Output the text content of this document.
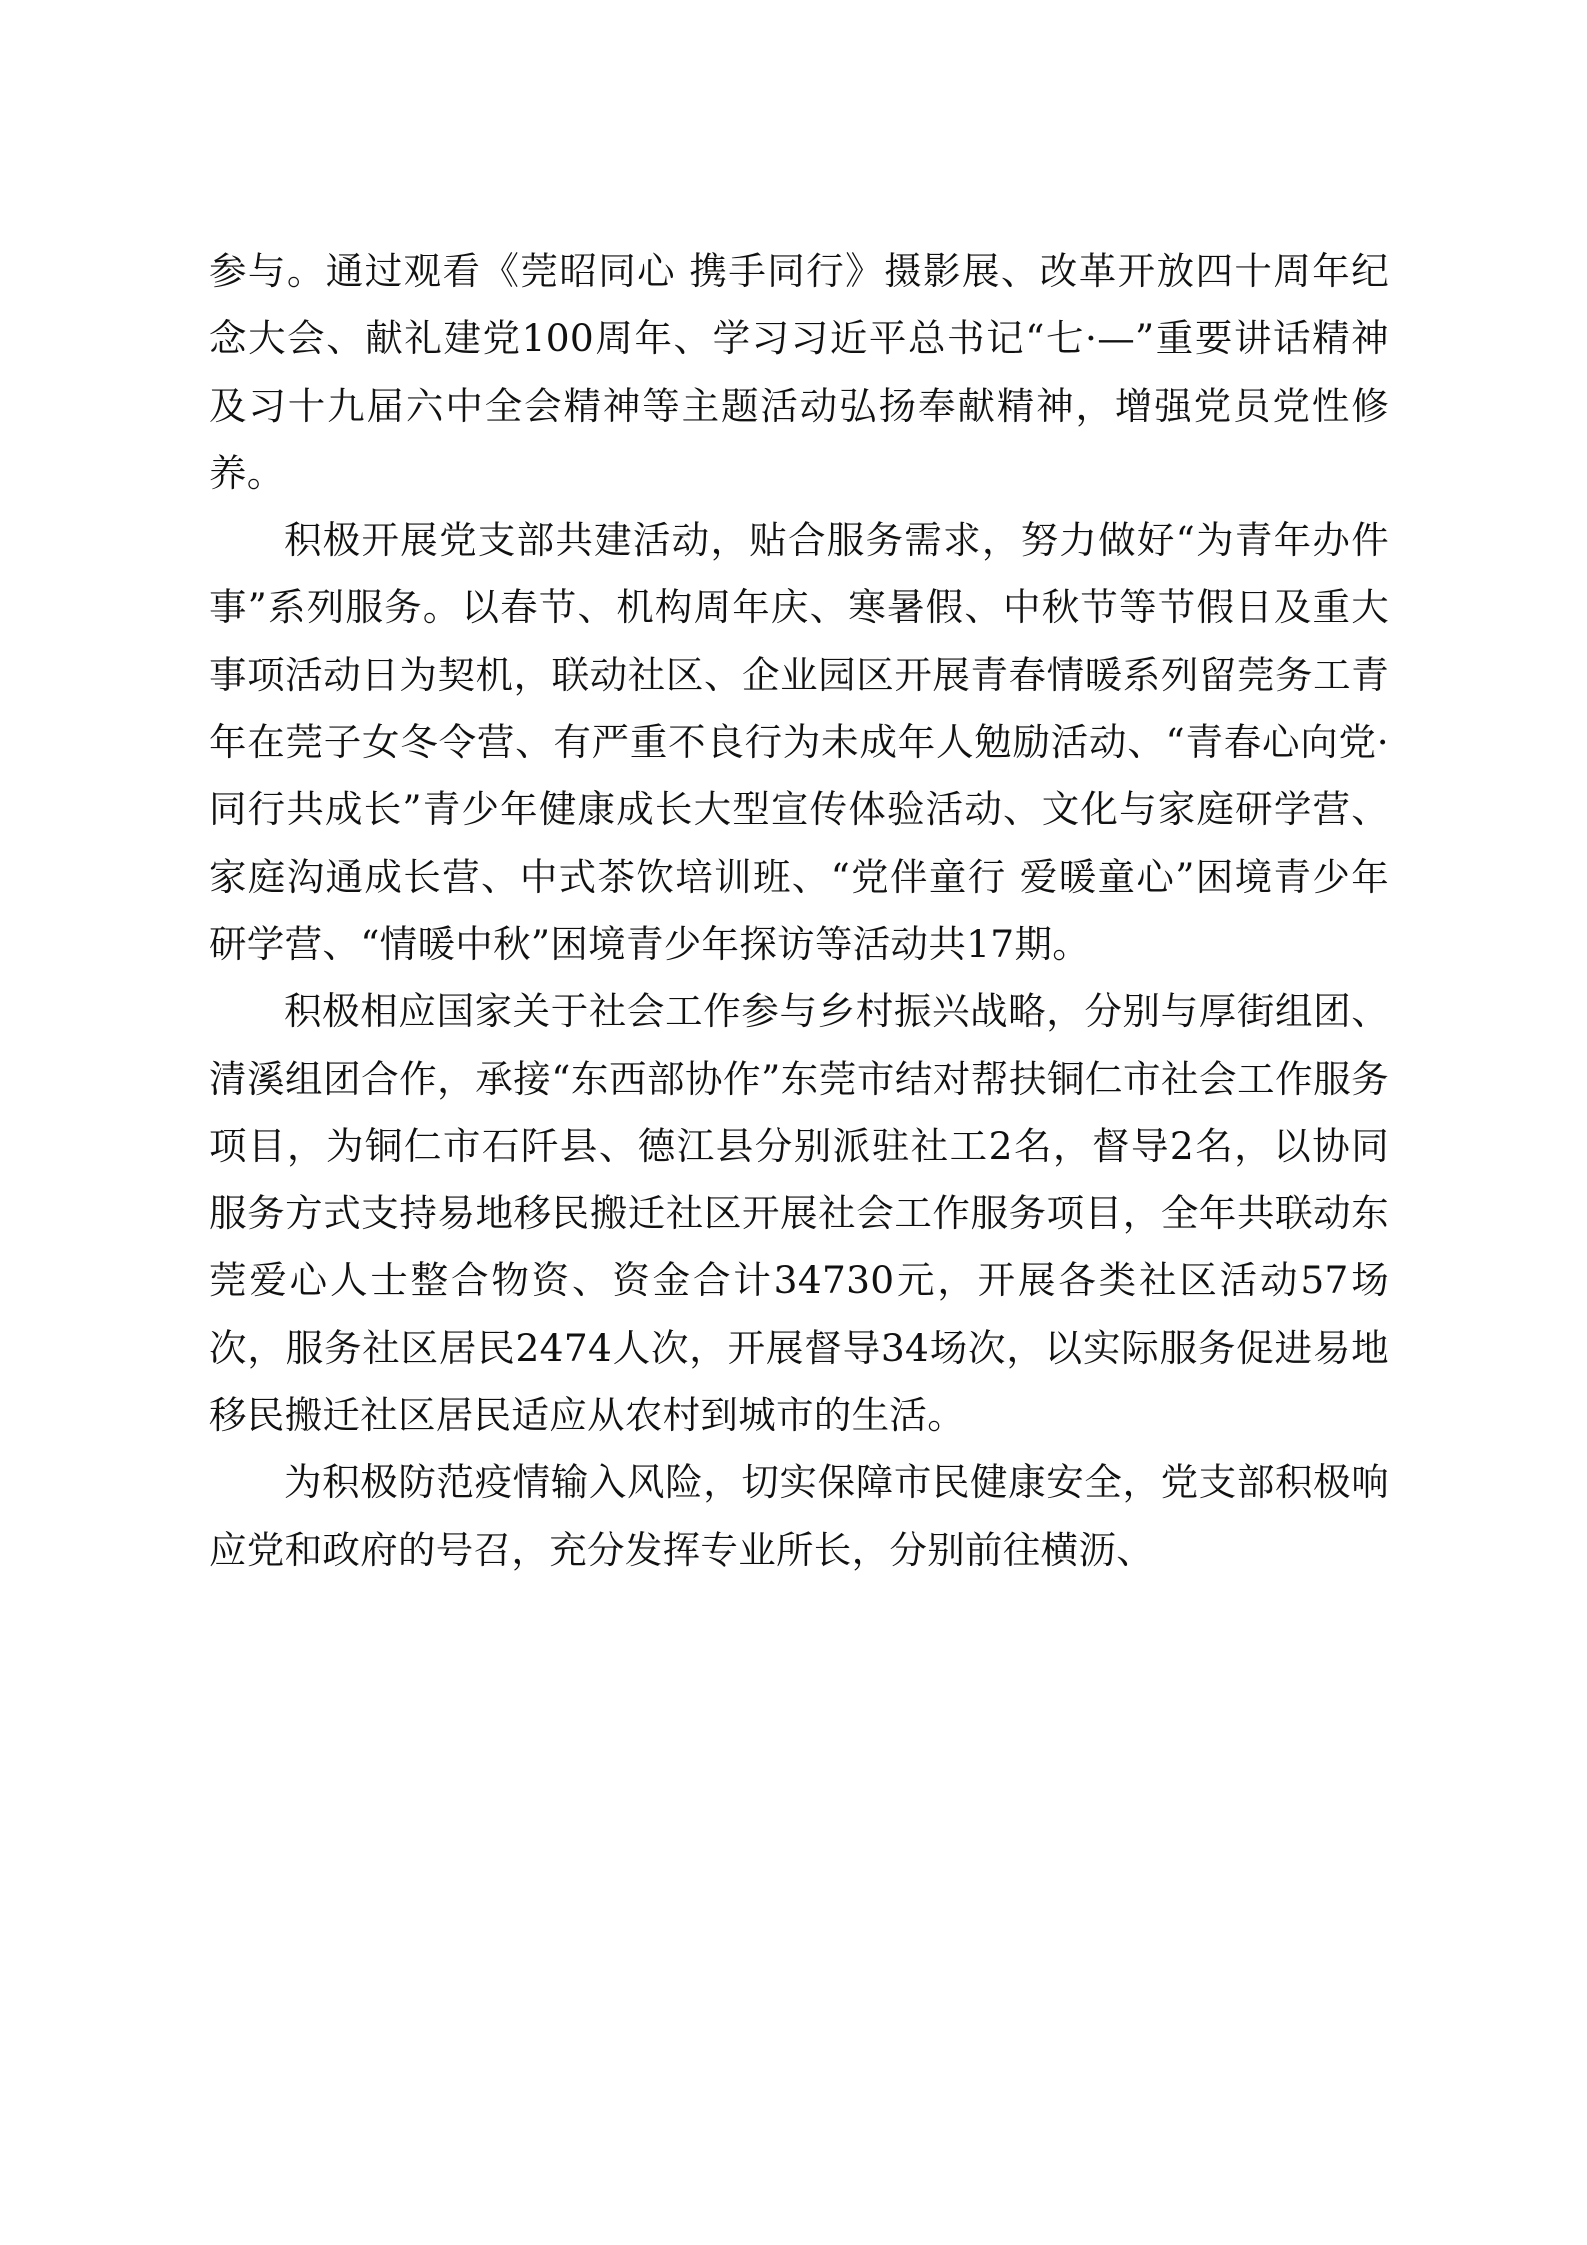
参与。通过观看《莞昭同心 携手同行》摄影展、改革开放四十周年纪念大会、献礼建党100周年、学习习近平总书记“七·—”重要讲话精神及习十九届六中全会精神等主题活动弘扬奉献精神，增强党员党性修养。

积极开展党支部共建活动，贴合服务需求，努力做好“为青年办件事”系列服务。以春节、机构周年庆、寒暑假、中秋节等节假日及重大事项活动日为契机，联动社区、企业园区开展青春情暖系列留莞务工青年在莞子女冬令营、有严重不良行为未成年人勉励活动、“青春心向党·同行共成长”青少年健康成长大型宣传体验活动、文化与家庭研学营、家庭沟通成长营、中式茶饮培训班、“党伴童行 爱暖童心”困境青少年研学营、“情暖中秋”困境青少年探访等活动共17期。

积极相应国家关于社会工作参与乡村振兴战略，分别与厚街组团、清溪组团合作，承接“东西部协作”东莞市结对帮扶铜仁市社会工作服务项目，为铜仁市石阡县、德江县分别派驻社工2名，督导2名，以协同服务方式支持易地移民搬迁社区开展社会工作服务项目，全年共联动东莞爱心人士整合物资、资金合计34730元，开展各类社区活动57场次，服务社区居民2474人次，开展督导34场次，以实际服务促进易地移民搬迁社区居民适应从农村到城市的生活。

为积极防范疫情输入风险，切实保障市民健康安全，党支部积极响应党和政府的号召，充分发挥专业所长，分别前往横沥、
